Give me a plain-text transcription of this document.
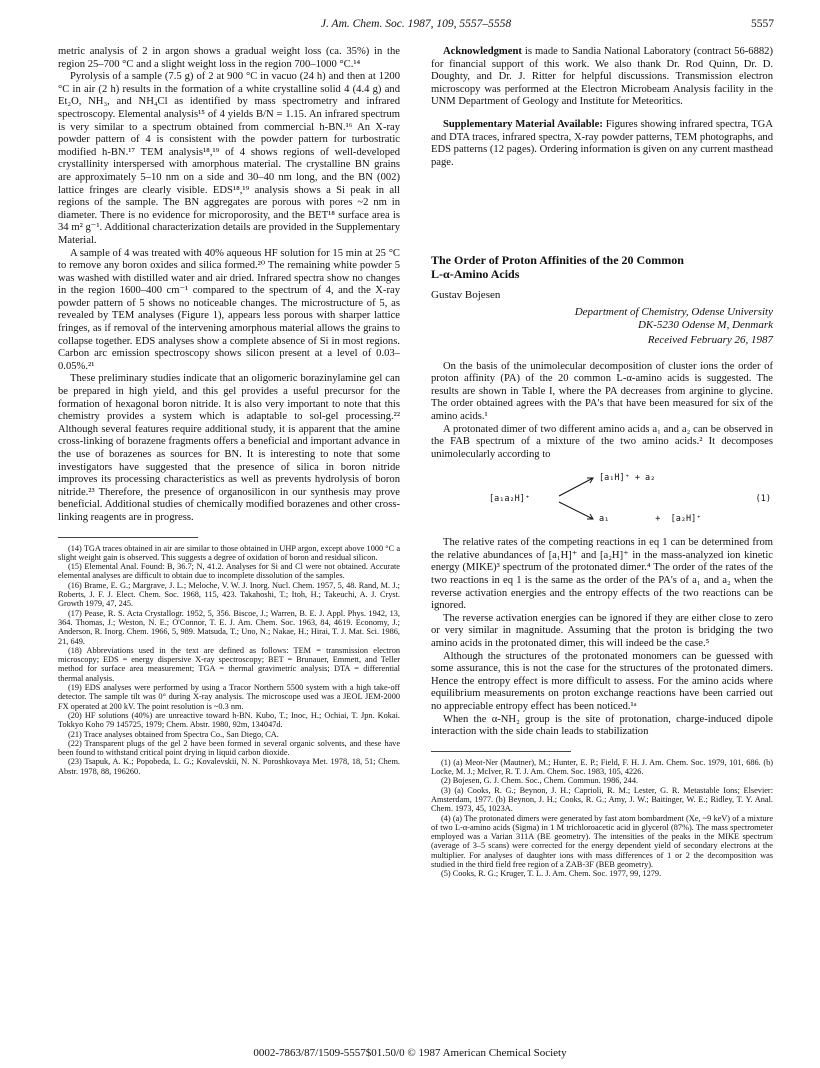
J. Am. Chem. Soc. 1987, 109, 5557–5558	5557

metric analysis of 2 in argon shows a gradual weight loss (ca. 35%) in the region 25–700 °C and a slight weight loss in the region 700–1000 °C.¹⁴

Pyrolysis of a sample (7.5 g) of 2 at 900 °C in vacuo (24 h) and then at 1200 °C in air (2 h) results in the formation of a white crystalline solid 4 (4.4 g) and Et₂O, NH₃, and NH₄Cl as identified by mass spectrometry and infrared spectroscopy. Elemental analysis¹⁵ of 4 yields B/N = 1.15. An infrared spectrum is very similar to a spectrum obtained from commercial h-BN.¹⁶ An X-ray powder pattern of 4 is consistent with the powder pattern for turbostratic modified h-BN.¹⁷ TEM analysis¹⁸,¹⁹ of 4 shows regions of well-developed crystallinity interspersed with amorphous material. The crystalline BN grains are approximately 5–10 nm on a side and 30–40 nm long, and the BN (002) lattice fringes are clearly visible. EDS¹⁸,¹⁹ analysis shows a Si peak in all regions of the sample. The BN aggregates are porous with pores ~2 nm in diameter. There is no evidence for microporosity, and the BET¹⁸ surface area is 34 m² g⁻¹. Additional characterization details are provided in the Supplementary Material.

A sample of 4 was treated with 40% aqueous HF solution for 15 min at 25 °C to remove any boron oxides and silica formed.²⁰ The remaining white powder 5 was washed with distilled water and air dried. Infrared spectra show no changes in the region 1600–400 cm⁻¹ compared to the spectrum of 4, and the X-ray powder pattern of 5 shows no noticeable changes. The microstructure of 5, as revealed by TEM analyses (Figure 1), appears less porous with sharper lattice fringes, as if removal of the intervening amorphous material allows the grains to collapse together. EDS analyses show a complete absence of Si in most regions. Carbon arc emission spectroscopy shows silicon present at a level of 0.03–0.05%.²¹

These preliminary studies indicate that an oligomeric borazinylamine gel can be prepared in high yield, and this gel provides a useful precursor for the formation of hexagonal boron nitride. It is also very important to note that this chemistry provides a system which is adaptable to sol-gel processing.²² Although several features require additional study, it is apparent that the amine cross-linking of borazene fragments offers a beneficial and important advance in the use of borazenes as sources for BN. It is interesting to note that some investigators have suggested that the presence of silica in boron nitride improves its processing characteristics as well as prevents hydrolysis of boron nitride.²³ Therefore, the presence of organosilicon in our synthesis may prove beneficial. Additional studies of chemically modified borazenes and other cross-linking reagents are in progress.

(14) TGA traces obtained in air are similar to those obtained in UHP argon, except above 1000 °C a slight weight gain is observed. This suggests a degree of oxidation of boron and residual silicon.

(15) Elemental Anal. Found: B, 36.7; N, 41.2. Analyses for Si and Cl were not obtained. Accurate elemental analyses are difficult to obtain due to incomplete dissolution of the samples.

(16) Brame, E. G.; Margrave, J. L.; Meloche, V. W. J. Inorg. Nucl. Chem. 1957, 5, 48. Rand, M. J.; Roberts, J. F. J. Elect. Chem. Soc. 1968, 115, 423. Takahoshi, T.; Itoh, H.; Takeuchi, A. J. Cryst. Growth 1979, 47, 245.

(17) Pease, R. S. Acta Crystallogr. 1952, 5, 356. Biscoe, J.; Warren, B. E. J. Appl. Phys. 1942, 13, 364. Thomas, J.; Weston, N. E.; O'Connor, T. E. J. Am. Chem. Soc. 1963, 84, 4619. Economy, J.; Anderson, R. Inorg. Chem. 1966, 5, 989. Matsuda, T.; Uno, N.; Nakae, H.; Hirai, T. J. Mat. Sci. 1986, 21, 649.

(18) Abbreviations used in the text are defined as follows: TEM = transmission electron microscopy; EDS = energy dispersive X-ray spectroscopy; BET = Brunauer, Emmett, and Teller method for surface area measurement; TGA = thermal gravimetric analysis; DTA = differential thermal analysis.

(19) EDS analyses were performed by using a Tracor Northern 5500 system with a high take-off detector. The sample tilt was 0° during X-ray analysis. The microscope used was a JEOL JEM-2000 FX operated at 200 kV. The point resolution is ~0.3 nm.

(20) HF solutions (40%) are unreactive toward h-BN. Kubo, T.; Inoc, H.; Ochiai, T. Jpn. Kokai. Tokkyo Koho 79 145725, 1979; Chem. Abstr. 1980, 92m, 134047d.

(21) Trace analyses obtained from Spectra Co., San Diego, CA.

(22) Transparent plugs of the gel 2 have been formed in several organic solvents, and these have been found to withstand critical point drying in liquid carbon dioxide.

(23) Tsapuk, A. K.; Popobeda, L. G.; Kovalevskii, N. N. Poroshkovaya Met. 1978, 18, 51; Chem. Abstr. 1978, 88, 196260.

Acknowledgment is made to Sandia National Laboratory (contract 56-6882) for financial support of this work. We also thank Dr. Rod Quinn, Dr. D. Doughty, and Dr. J. Ritter for helpful discussions. Transmission electron microscopy was performed at the Electron Microbeam Analysis facility in the UNM Department of Geology and Institute for Meteoritics.

Supplementary Material Available: Figures showing infrared spectra, TGA and DTA traces, infrared spectra, X-ray powder patterns, TEM photographs, and EDS patterns (12 pages). Ordering information is given on any current masthead page.

The Order of Proton Affinities of the 20 Common
L-α-Amino Acids
Gustav Bojesen
Department of Chemistry, Odense University
DK-5230 Odense M, Denmark
Received February 26, 1987

On the basis of the unimolecular decomposition of cluster ions the order of proton affinity (PA) of the 20 common L-α-amino acids is suggested. The results are shown in Table I, where the PA decreases from arginine to glycine. The order obtained agrees with the PA's that have been measured for six of the amino acids.¹

A protonated dimer of two different amino acids a₁ and a₂ can be observed in the FAB spectrum of a mixture of the two amino acids.² It decomposes unimolecularly according to

[a₁a₂H]⁺
[a₁H]⁺ + a₂
a₁         +  [a₂H]⁺
(1)

The relative rates of the competing reactions in eq 1 can be determined from the relative abundances of [a₁H]⁺ and [a₂H]⁺ in the mass-analyzed ion kinetic energy (MIKE)³ spectrum of the protonated dimer.⁴ The order of the rates of the two reactions in eq 1 is the same as the order of the PA's of a₁ and a₂ when the reverse activation energies and the entropy effects of the two reactions can be ignored.

The reverse activation energies can be ignored if they are either close to zero or very similar in magnitude. Assuming that the proton is bridging the two amino acids in the protonated dimer, this will indeed be the case.⁵

Although the structures of the protonated monomers can be guessed with some assurance, this is not the case for the structures of the protonated dimers. Hence the entropy effect is more difficult to assess. For the amino acids where equilibrium measurements on proton exchange reactions have been carried out no appreciable entropy effect has been noticed.¹ᵃ

When the α-NH₂ group is the site of protonation, charge-induced dipole interaction with the side chain leads to stabilization

(1) (a) Meot-Ner (Mautner), M.; Hunter, E. P.; Field, F. H. J. Am. Chem. Soc. 1979, 101, 686. (b) Locke, M. J.; McIver, R. T. J. Am. Chem. Soc. 1983, 105, 4226.

(2) Bojesen, G. J. Chem. Soc., Chem. Commun. 1986, 244.

(3) (a) Cooks, R. G.; Beynon, J. H.; Caprioli, R. M.; Lester, G. R. Metastable Ions; Elsevier: Amsterdam, 1977. (b) Beynon, J. H.; Cooks, R. G.; Amy, J. W.; Baitinger, W. E.; Ridley, T. Y. Anal. Chem. 1973, 45, 1023A.

(4) (a) The protonated dimers were generated by fast atom bombardment (Xe, ~9 keV) of a mixture of two L-α-amino acids (Sigma) in 1 M trichloroacetic acid in glycerol (87%). The mass spectrometer employed was a Varian 311A (BE geometry). The intensities of the peaks in the MIKE spectrum (average of 3–5 scans) were corrected for the energy dependent yield of secondary electrons at the multiplier. For analyses of daughter ions with mass differences of 1 or 2 the decomposition was studied in the third field free region of a ZAB-3F (BEB geometry).

(5) Cooks, R. G.; Kruger, T. L. J. Am. Chem. Soc. 1977, 99, 1279.

0002-7863/87/1509-5557$01.50/0 © 1987 American Chemical Society
